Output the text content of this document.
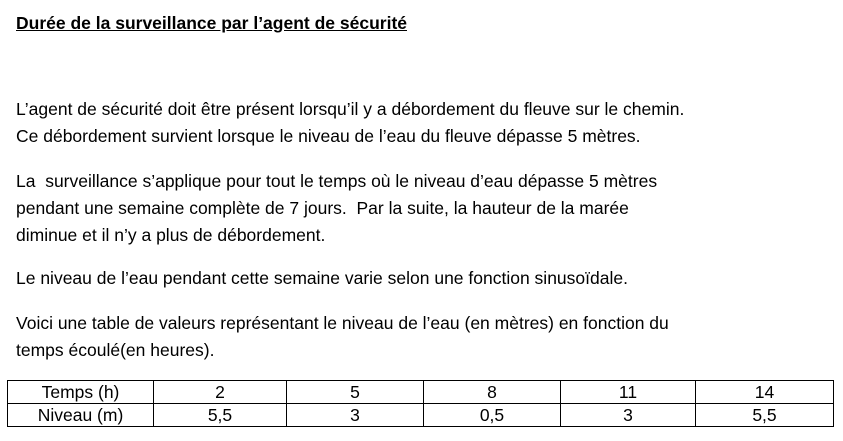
Durée de la surveillance par l’agent de sécurité
L’agent de sécurité doit être présent lorsqu’il y a débordement du fleuve sur le chemin.
Ce débordement survient lorsque le niveau de l’eau du fleuve dépasse 5 mètres.
La  surveillance s’applique pour tout le temps où le niveau d’eau dépasse 5 mètres
pendant une semaine complète de 7 jours.  Par la suite, la hauteur de la marée
diminue et il n’y a plus de débordement.
Le niveau de l’eau pendant cette semaine varie selon une fonction sinusoïdale.
Voici une table de valeurs représentant le niveau de l’eau (en mètres) en fonction du
temps écoulé(en heures).
Temps (h)	2	5	8	11	14
Niveau (m)	5,5	3	0,5	3	5,5
